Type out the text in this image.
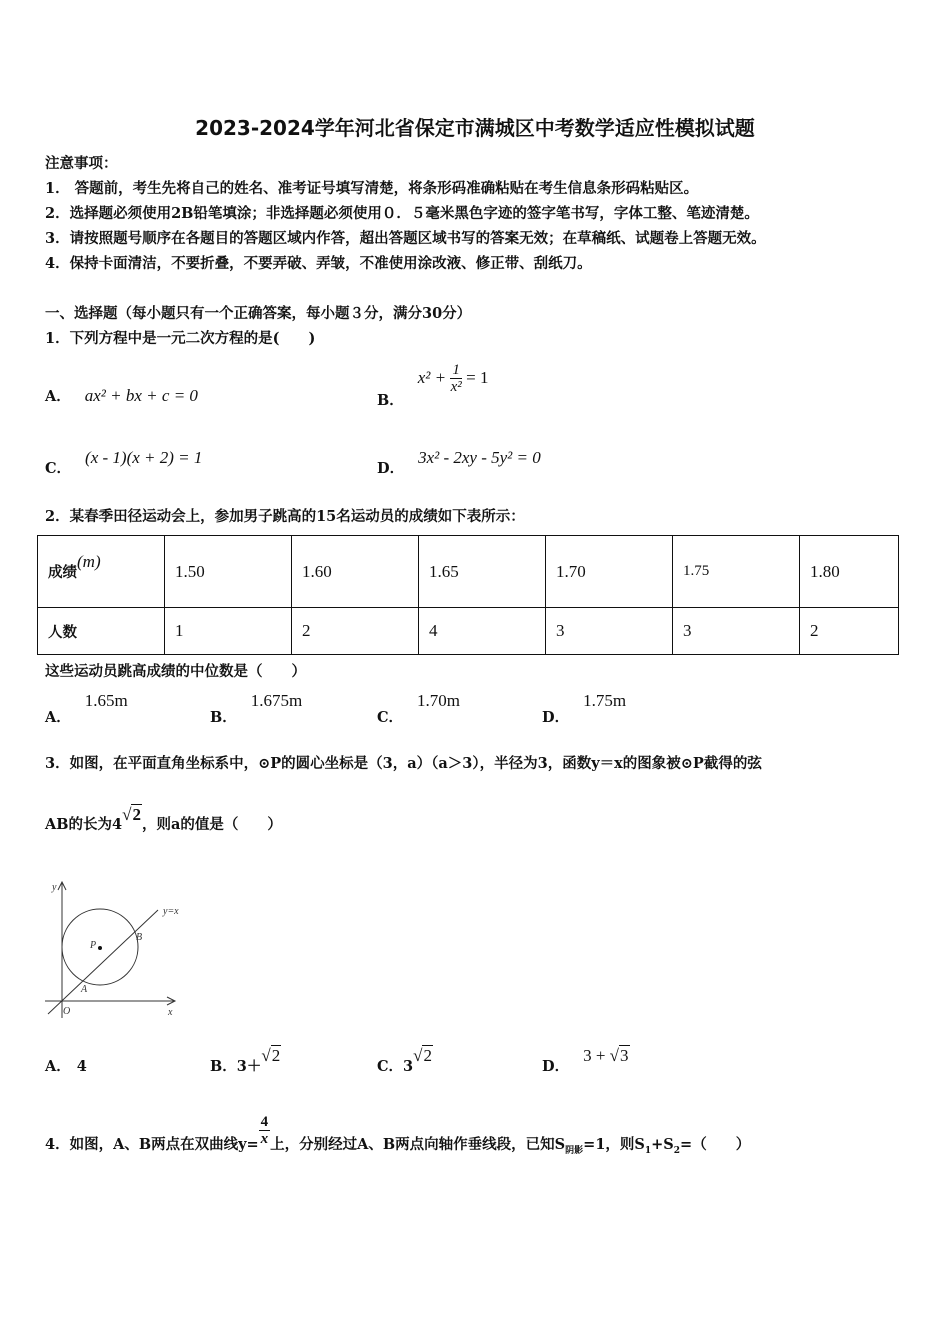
2023-2024学年河北省保定市满城区中考数学适应性模拟试题
注意事项：
1． 答题前，考生先将自己的姓名、准考证号填写清楚，将条形码准确粘贴在考生信息条形码粘贴区。
2．选择题必须使用2B铅笔填涂；非选择题必须使用０．５毫米黑色字迹的签字笔书写，字体工整、笔迹清楚。
3．请按照题号顺序在各题目的答题区域内作答，超出答题区域书写的答案无效；在草稿纸、试题卷上答题无效。
4．保持卡面清洁，不要折叠，不要弄破、弄皱，不准使用涂改液、修正带、刮纸刀。
一、选择题（每小题只有一个正确答案，每小题３分，满分30分）
1．下列方程中是一元二次方程的是(　　)
A． ax² + bx + c = 0	B．$x^2 + \frac{1}{\text{x²}} = 1$
C．(x - 1)(x + 2) = 1
D．3x² - 2xy - 5y² = 0
2．某春季田径运动会上，参加男子跳高的15名运动员的成绩如下表所示：
成绩(m)	1.50	1.60	1.65	1.70	1.75	1.80
人数	1	2	4	3	3	2
这些运动员跳高成绩的中位数是（　　）
A．1.65m
B．1.675m
C．1.70m
D．1.75m
3．如图，在平面直角坐标系中，⊙P的圆心坐标是（3，a）（a＞3），半径为3，函数y＝x的图象被⊙P截得的弦
AB的长为4√2，则a的值是（　　）
y
x
y=x
P
A
B
O
A． 4	B．3＋√2
C．3√2
D．3 + √3
4．如图，A、B两点在双曲线$y= \frac{4}{x}$ 上，分别经过A、B两点向轴作垂线段，已知$S_{阴影}=1$，则$S_1+S_2=$（　　）
